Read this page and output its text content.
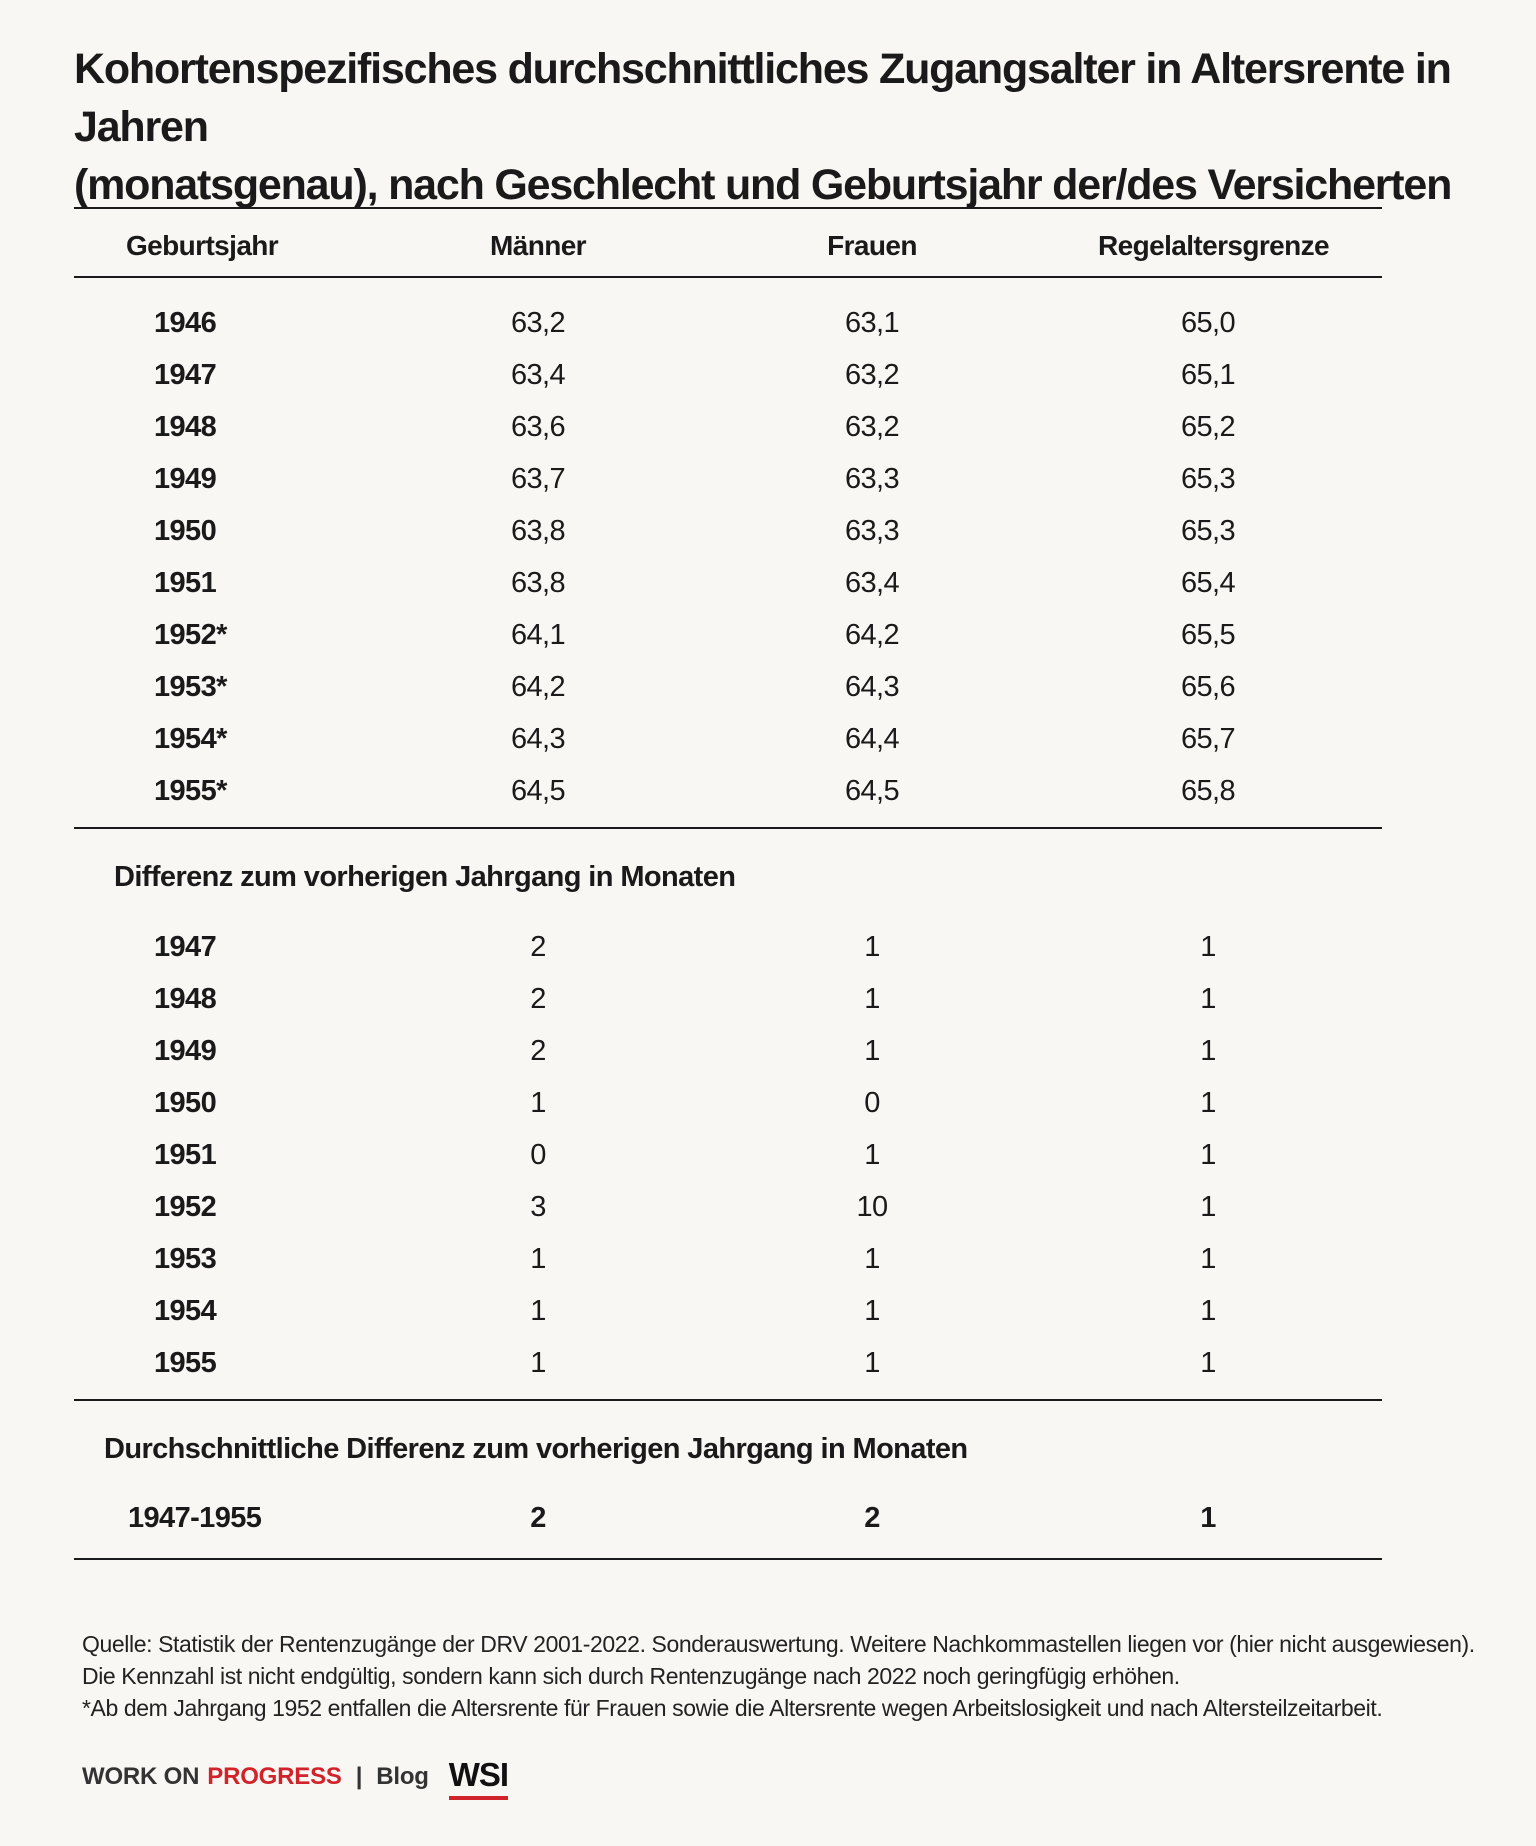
Kohortenspezifisches durchschnittliches Zugangsalter in Altersrente in Jahren
(monatsgenau), nach Geschlecht und Geburtsjahr der/des Versicherten
Geburtsjahr	Männer	Frauen	Regelaltersgrenze
1946	63,2	63,1	65,0
1947	63,4	63,2	65,1
1948	63,6	63,2	65,2
1949	63,7	63,3	65,3
1950	63,8	63,3	65,3
1951	63,8	63,4	65,4
1952*	64,1	64,2	65,5
1953*	64,2	64,3	65,6
1954*	64,3	64,4	65,7
1955*	64,5	64,5	65,8
Differenz zum vorherigen Jahrgang in Monaten
1947	2	1	1
1948	2	1	1
1949	2	1	1
1950	1	0	1
1951	0	1	1
1952	3	10	1
1953	1	1	1
1954	1	1	1
1955	1	1	1
Durchschnittliche Differenz zum vorherigen Jahrgang in Monaten
1947-1955	2	2	1
Quelle: Statistik der Rentenzugänge der DRV 2001-2022. Sonderauswertung. Weitere Nachkommastellen liegen vor (hier nicht ausgewiesen).
Die Kennzahl ist nicht endgültig, sondern kann sich durch Rentenzugänge nach 2022 noch geringfügig erhöhen.
*Ab dem Jahrgang 1952 entfallen die Altersrente für Frauen sowie die Altersrente wegen Arbeitslosigkeit und nach Altersteilzeitarbeit.
WORK ON PROGRESS | Blog WSI
